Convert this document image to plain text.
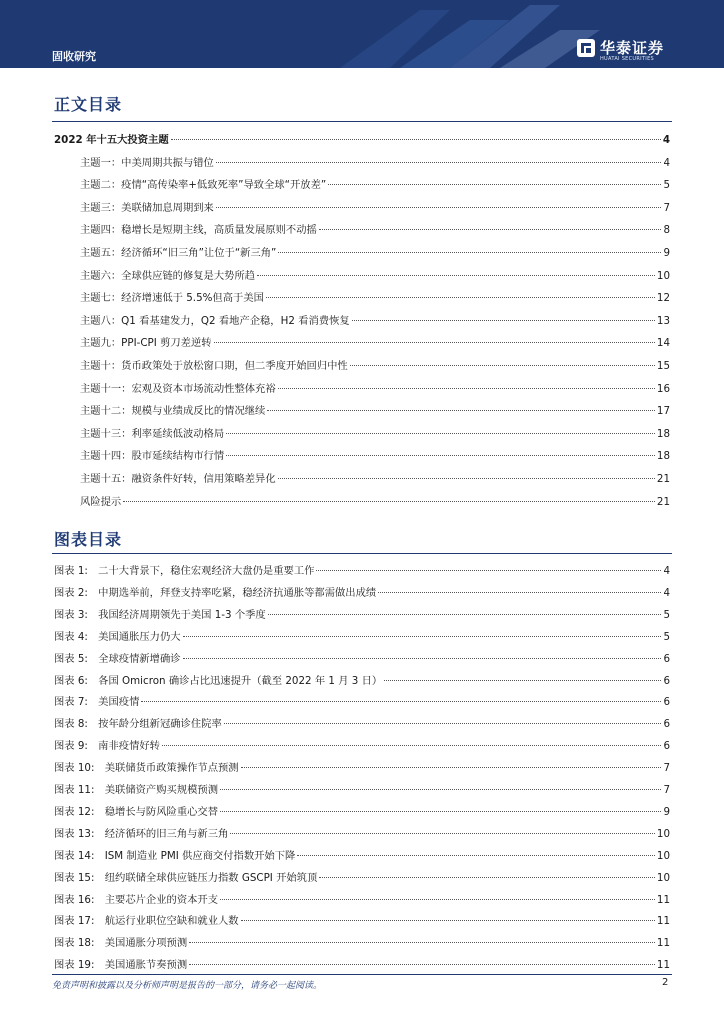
固收研究	华泰证券
HUATAI SECURITIES
正文目录
2022 年十五大投资主题	4
主题一：中美周期共振与错位	4
主题二：疫情“高传染率+低致死率”导致全球“开放差”	5
主题三：美联储加息周期到来	7
主题四：稳增长是短期主线，高质量发展原则不动摇	8
主题五：经济循环“旧三角”让位于“新三角”	9
主题六：全球供应链的修复是大势所趋	10
主题七：经济增速低于 5.5%但高于美国	12
主题八：Q1 看基建发力，Q2 看地产企稳，H2 看消费恢复	13
主题九：PPI-CPI 剪刀差逆转	14
主题十：货币政策处于放松窗口期，但二季度开始回归中性	15
主题十一：宏观及资本市场流动性整体充裕	16
主题十二：规模与业绩成反比的情况继续	17
主题十三：利率延续低波动格局	18
主题十四：股市延续结构市行情	18
主题十五：融资条件好转，信用策略差异化	21
风险提示	21
图表目录
图表 1:　二十大背景下，稳住宏观经济大盘仍是重要工作	4
图表 2:　中期选举前，拜登支持率吃紧，稳经济抗通胀等都需做出成绩	4
图表 3:　我国经济周期领先于美国 1-3 个季度	5
图表 4:　美国通胀压力仍大	5
图表 5:　全球疫情新增确诊	6
图表 6:　各国 Omicron 确诊占比迅速提升（截至 2022 年 1 月 3 日）	6
图表 7:　美国疫情	6
图表 8:　按年龄分组新冠确诊住院率	6
图表 9:　南非疫情好转	6
图表 10:　美联储货币政策操作节点预测	7
图表 11:　美联储资产购买规模预测	7
图表 12:　稳增长与防风险重心交替	9
图表 13:　经济循环的旧三角与新三角	10
图表 14:　ISM 制造业 PMI 供应商交付指数开始下降	10
图表 15:　纽约联储全球供应链压力指数 GSCPI 开始筑顶	10
图表 16:　主要芯片企业的资本开支	11
图表 17:　航运行业职位空缺和就业人数	11
图表 18:　美国通胀分项预测	11
图表 19:　美国通胀节奏预测	11
免责声明和披露以及分析师声明是报告的一部分，请务必一起阅读。	2
